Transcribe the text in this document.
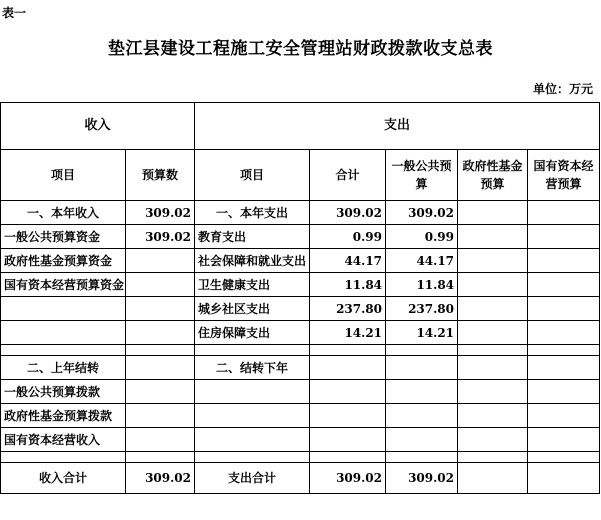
表一
垫江县建设工程施工安全管理站财政拨款收支总表
单位：万元
收入		支出				
项目	预算数	项目	合计	一般公共预算	政府性基金预算	国有资本经营预算
一、本年收入	309.02	一、本年支出	309.02	309.02		
一般公共预算资金	309.02	教育支出	0.99	0.99		
政府性基金预算资金		社会保障和就业支出	44.17	44.17		
国有资本经营预算资金		卫生健康支出	11.84	11.84		
		城乡社区支出	237.80	237.80		
		住房保障支出	14.21	14.21		

二、上年结转		二、结转下年				
一般公共预算拨款						
政府性基金预算拨款						
国有资本经营收入						

收入合计	309.02	支出合计	309.02	309.02		
